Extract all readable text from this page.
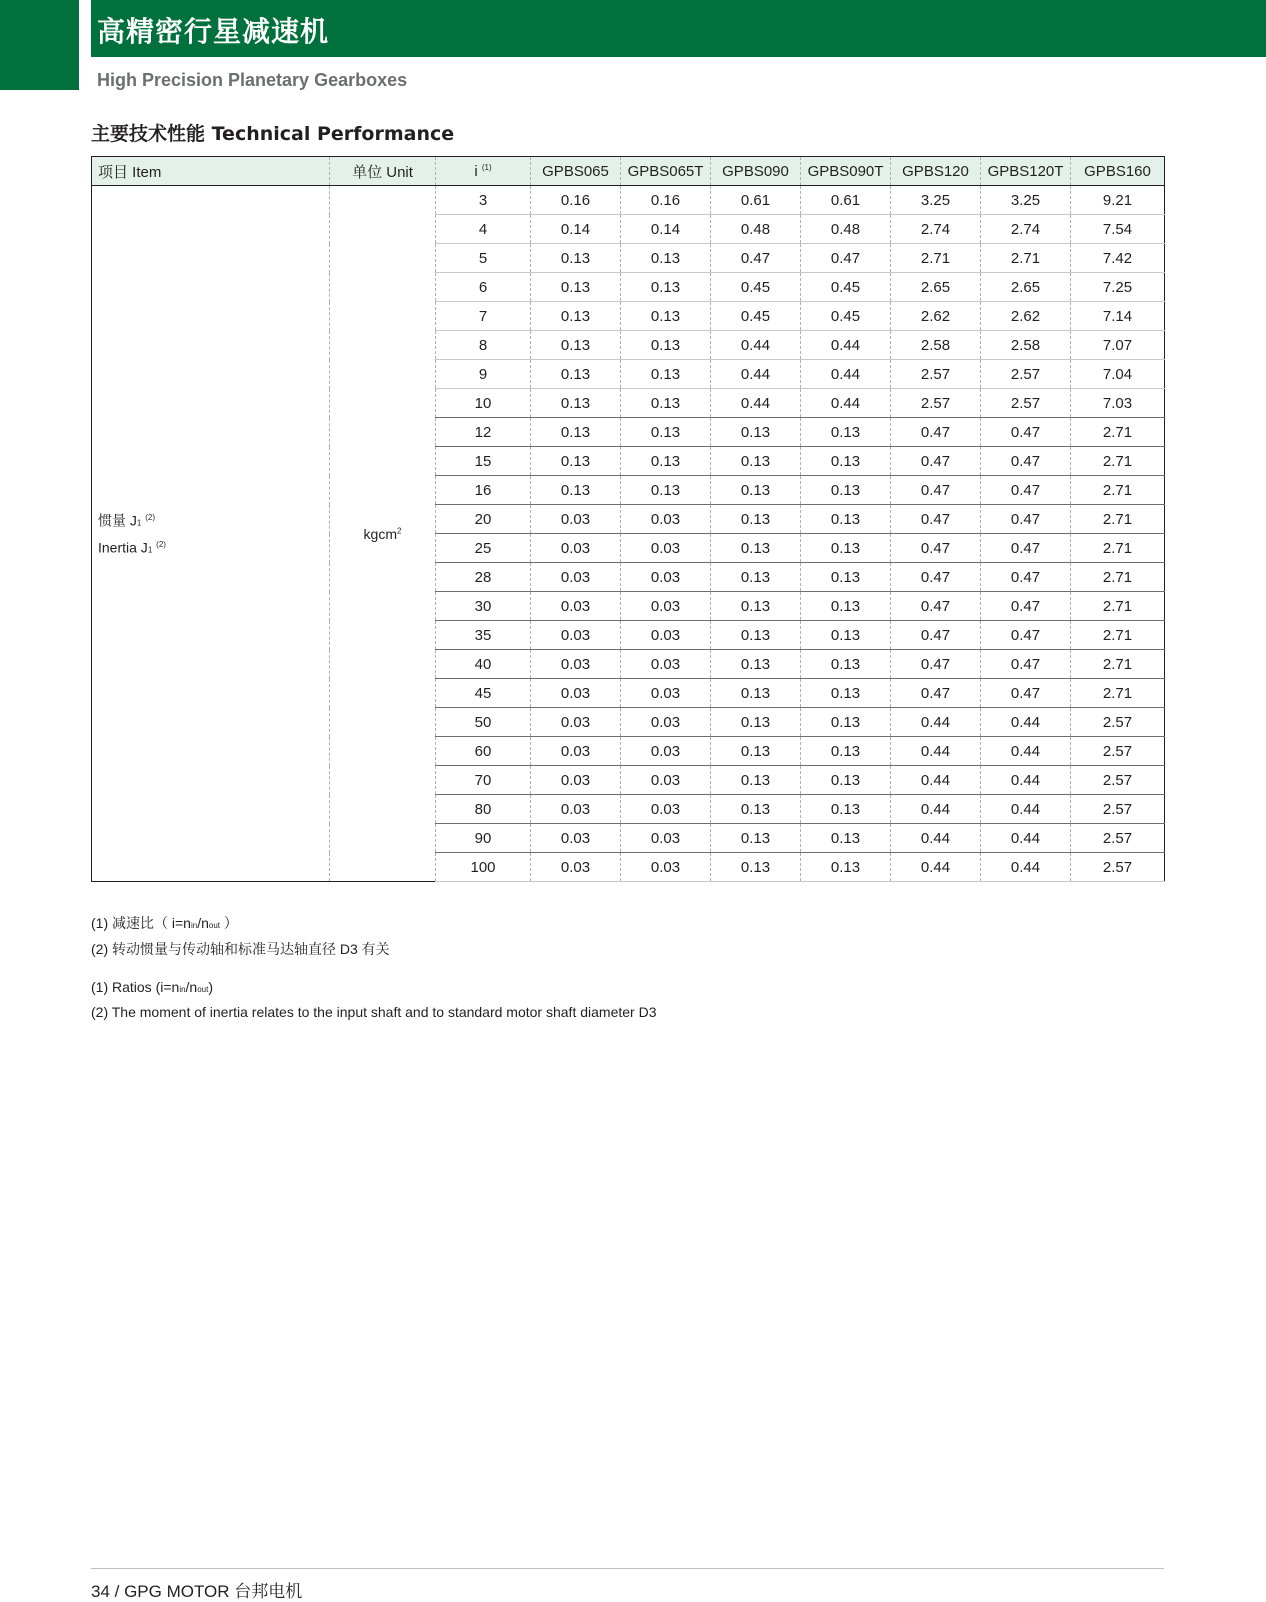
高精密行星减速机
High Precision Planetary Gearboxes
主要技术性能 Technical Performance
项目 Item	单位 Unit	i $^{(1)}$	GPBS065	GPBS065T	GPBS090	GPBS090T	GPBS120	GPBS120T	GPBS160

惯量 J1 $^{(2)}$
Inertia J1 $^{(2)}$	kgcm$^2$	3	0.16	0.16	0.61	0.61	3.25	3.25	9.21
		4	0.14	0.14	0.48	0.48	2.74	2.74	7.54
		5	0.13	0.13	0.47	0.47	2.71	2.71	7.42
		6	0.13	0.13	0.45	0.45	2.65	2.65	7.25
		7	0.13	0.13	0.45	0.45	2.62	2.62	7.14
		8	0.13	0.13	0.44	0.44	2.58	2.58	7.07
		9	0.13	0.13	0.44	0.44	2.57	2.57	7.04
		10	0.13	0.13	0.44	0.44	2.57	2.57	7.03
		12	0.13	0.13	0.13	0.13	0.47	0.47	2.71
		15	0.13	0.13	0.13	0.13	0.47	0.47	2.71
		16	0.13	0.13	0.13	0.13	0.47	0.47	2.71
		20	0.03	0.03	0.13	0.13	0.47	0.47	2.71
		25	0.03	0.03	0.13	0.13	0.47	0.47	2.71
		28	0.03	0.03	0.13	0.13	0.47	0.47	2.71
		30	0.03	0.03	0.13	0.13	0.47	0.47	2.71
		35	0.03	0.03	0.13	0.13	0.47	0.47	2.71
		40	0.03	0.03	0.13	0.13	0.47	0.47	2.71
		45	0.03	0.03	0.13	0.13	0.47	0.47	2.71
		50	0.03	0.03	0.13	0.13	0.44	0.44	2.57
		60	0.03	0.03	0.13	0.13	0.44	0.44	2.57
		70	0.03	0.03	0.13	0.13	0.44	0.44	2.57
		80	0.03	0.03	0.13	0.13	0.44	0.44	2.57
		90	0.03	0.03	0.13	0.13	0.44	0.44	2.57
		100	0.03	0.03	0.13	0.13	0.44	0.44	2.57
(1) 减速比（ i=nin/nout ）
(2) 转动惯量与传动轴和标准马达轴直径 D3 有关
(1) Ratios (i=nin/nout)
(2) The moment of inertia relates to the input shaft and to standard motor shaft diameter D3
34 / GPG MOTOR 台邦电机
